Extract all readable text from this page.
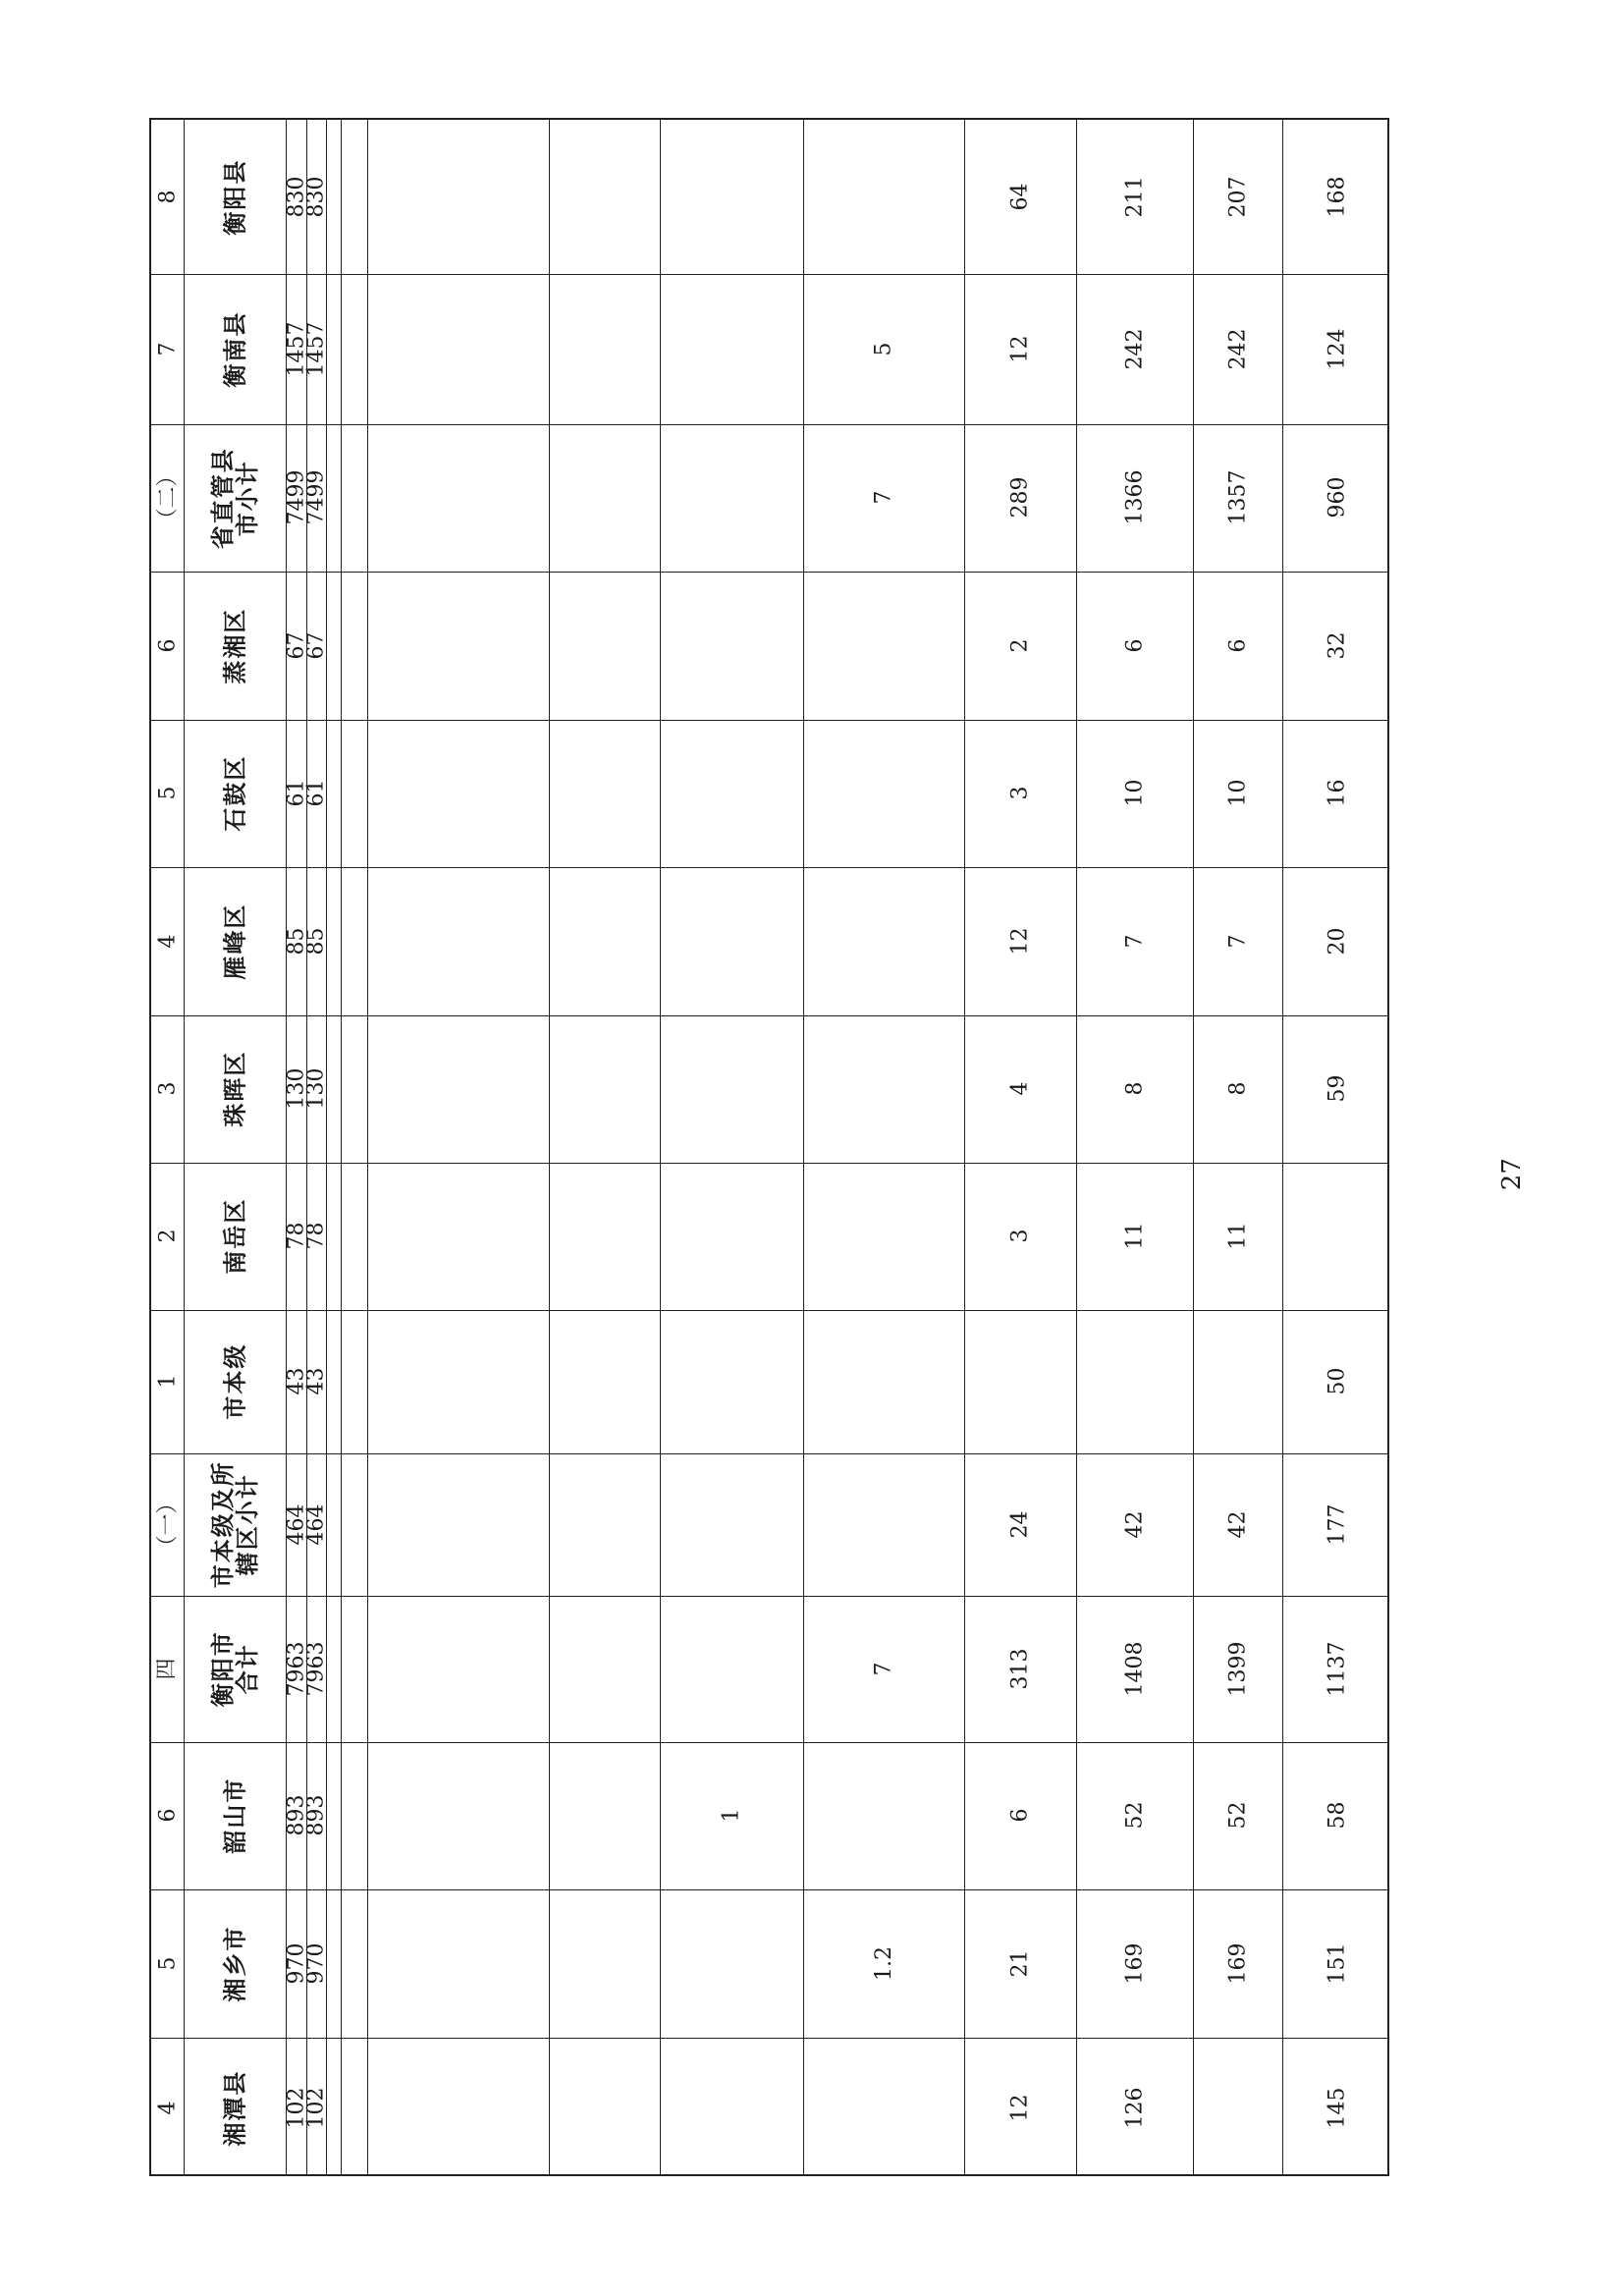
4
5
6
四
（一）
1
2
3
4
5
6
（二）
7
8
湘潭县
湘乡市
韶山市
衡阳市
合计
市本级及所
辖区小计
市本级
南岳区
珠晖区
雁峰区
石鼓区
蒸湘区
省直管县
市小计
衡南县
衡阳县
102
970
893
7963
464
43
78
130
85
61
67
7499
1457
830
102
970
893
7963
464
43
78
130
85
61
67
7499
1457
830
1
1.2
7
7
5
12
21
6
313
24
3
4
12
3
2
289
12
64
126
169
52
1408
42
11
8
7
10
6
1366
242
211
169
52
1399
42
11
8
7
10
6
1357
242
207
145
151
58
1137
177
50
59
20
16
32
960
124
168
27
